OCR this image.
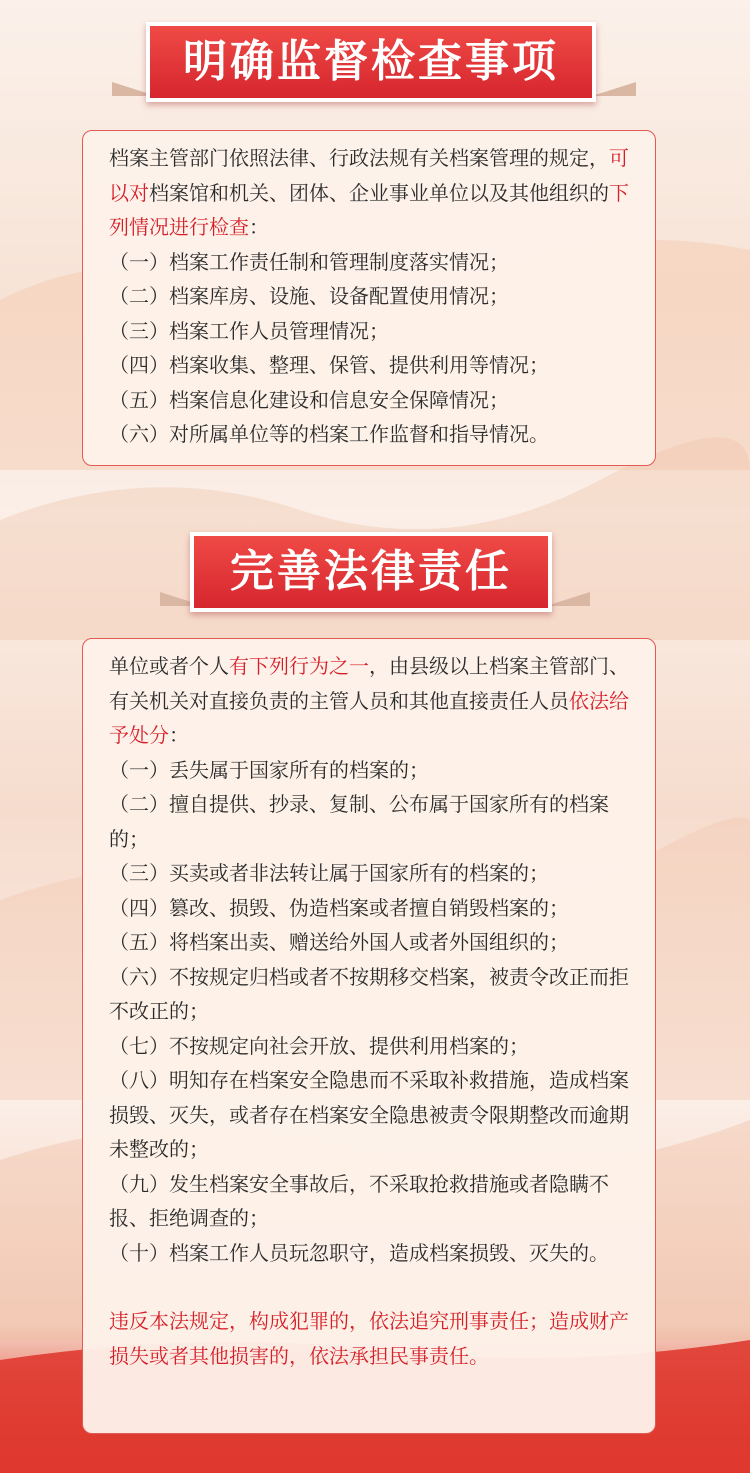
明确监督检查事项

档案主管部门依照法律、行政法规有关档案管理的规定，可以对档案馆和机关、团体、企业事业单位以及其他组织的下列情况进行检查：

（一）档案工作责任制和管理制度落实情况；

（二）档案库房、设施、设备配置使用情况；

（三）档案工作人员管理情况；

（四）档案收集、整理、保管、提供利用等情况；

（五）档案信息化建设和信息安全保障情况；

（六）对所属单位等的档案工作监督和指导情况。

完善法律责任

单位或者个人有下列行为之一，由县级以上档案主管部门、有关机关对直接负责的主管人员和其他直接责任人员依法给予处分：

（一）丢失属于国家所有的档案的；

（二）擅自提供、抄录、复制、公布属于国家所有的档案的；

（三）买卖或者非法转让属于国家所有的档案的；

（四）篡改、损毁、伪造档案或者擅自销毁档案的；

（五）将档案出卖、赠送给外国人或者外国组织的；

（六）不按规定归档或者不按期移交档案，被责令改正而拒不改正的；

（七）不按规定向社会开放、提供利用档案的；

（八）明知存在档案安全隐患而不采取补救措施，造成档案损毁、灭失，或者存在档案安全隐患被责令限期整改而逾期未整改的；

（九）发生档案安全事故后，不采取抢救措施或者隐瞒不报、拒绝调查的；

（十）档案工作人员玩忽职守，造成档案损毁、灭失的。

违反本法规定，构成犯罪的，依法追究刑事责任；造成财产损失或者其他损害的，依法承担民事责任。
